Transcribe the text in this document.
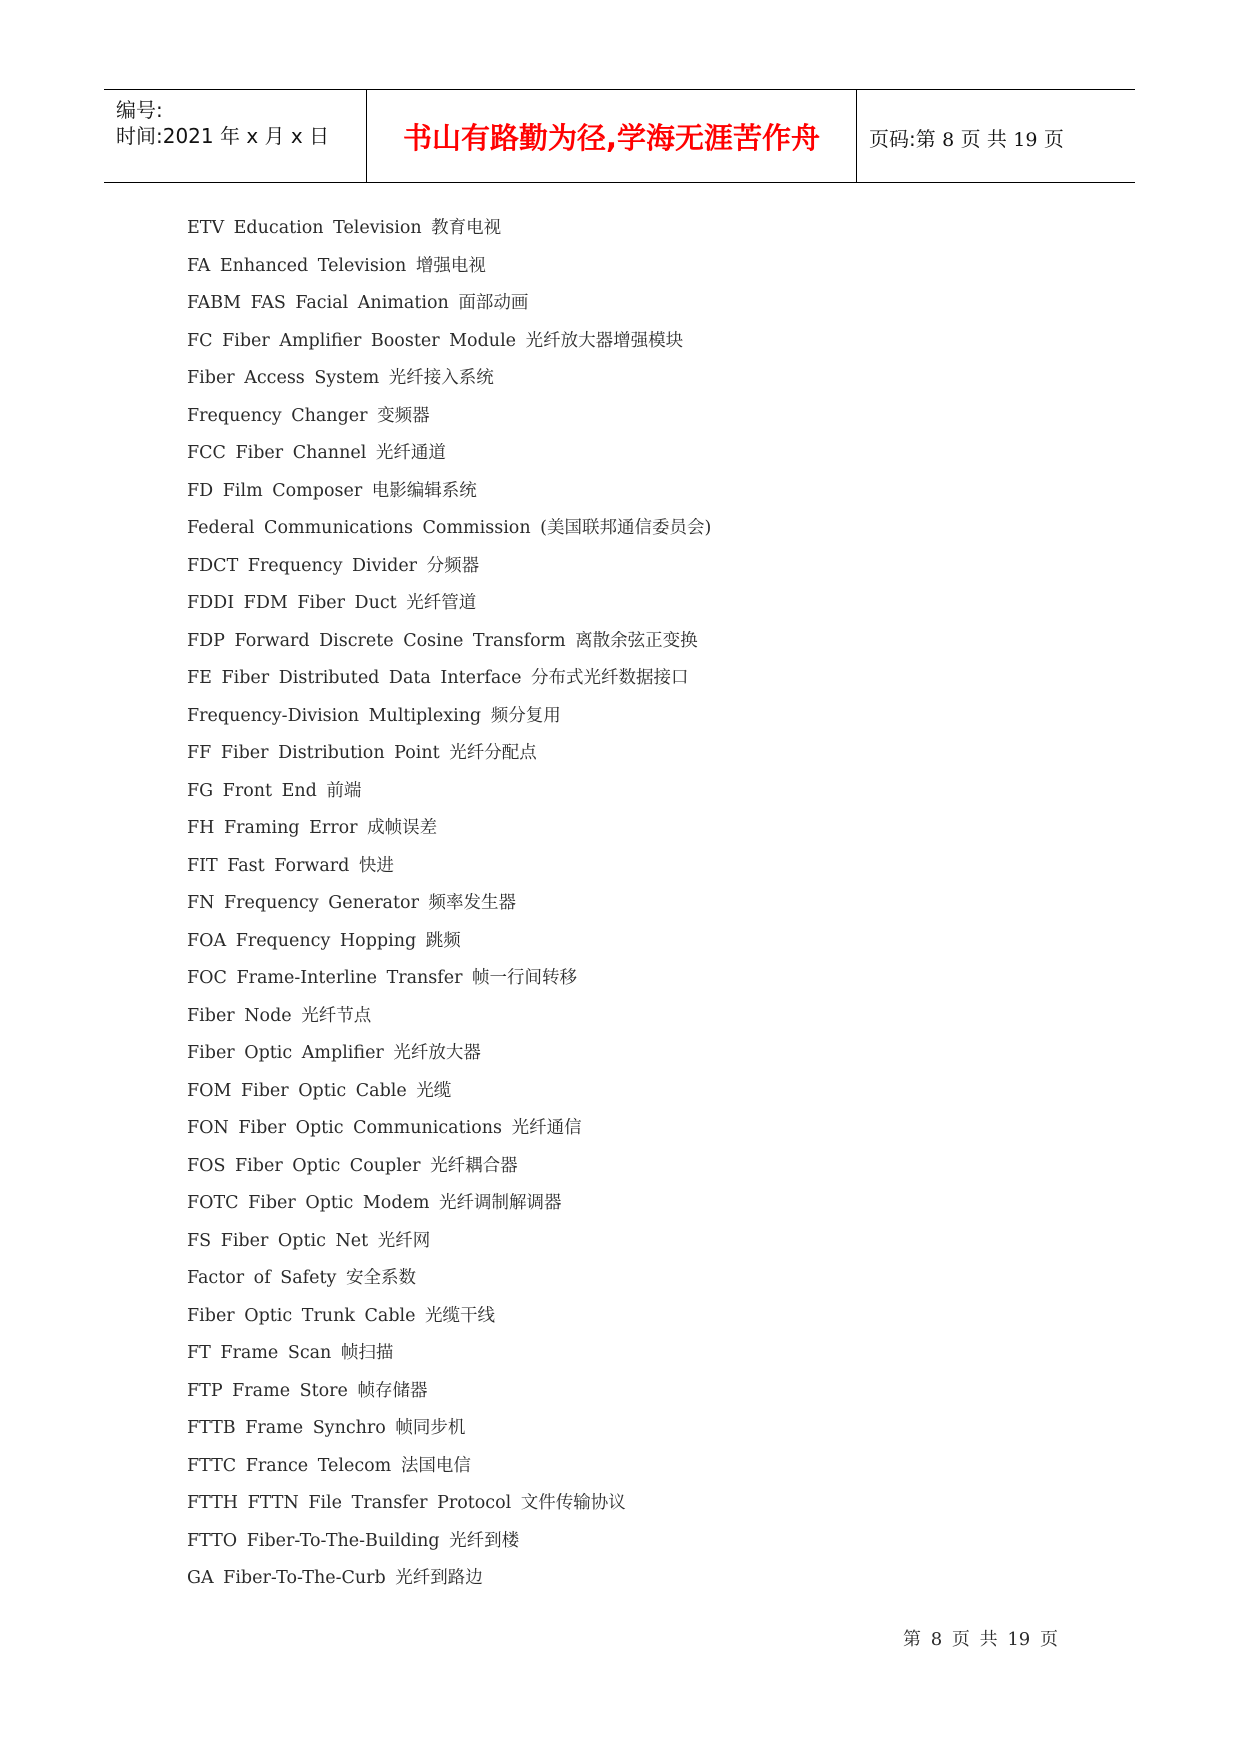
编号:
时间:2021 年 x 月 x 日	书山有路勤为径,学海无涯苦作舟	页码:第 8 页 共 19 页
ETV Education Television 教育电视
FA Enhanced Television 增强电视
FABM FAS Facial Animation 面部动画
FC Fiber Amplifier Booster Module 光纤放大器增强模块
Fiber Access System 光纤接入系统
Frequency Changer 变频器
FCC Fiber Channel 光纤通道
FD Film Composer 电影编辑系统
Federal Communications Commission (美国联邦通信委员会)
FDCT Frequency Divider 分频器
FDDI FDM Fiber Duct 光纤管道
FDP Forward Discrete Cosine Transform 离散余弦正变换
FE Fiber Distributed Data Interface 分布式光纤数据接口
Frequency-Division Multiplexing 频分复用
FF Fiber Distribution Point 光纤分配点
FG Front End 前端
FH Framing Error 成帧误差
FIT Fast Forward 快进
FN Frequency Generator 频率发生器
FOA Frequency Hopping 跳频
FOC Frame-Interline Transfer 帧一行间转移
Fiber Node 光纤节点
Fiber Optic Amplifier 光纤放大器
FOM Fiber Optic Cable 光缆
FON Fiber Optic Communications 光纤通信
FOS Fiber Optic Coupler 光纤耦合器
FOTC Fiber Optic Modem 光纤调制解调器
FS Fiber Optic Net 光纤网
Factor of Safety 安全系数
Fiber Optic Trunk Cable 光缆干线
FT Frame Scan 帧扫描
FTP Frame Store 帧存储器
FTTB Frame Synchro 帧同步机
FTTC France Telecom 法国电信
FTTH FTTN File Transfer Protocol 文件传输协议
FTTO Fiber-To-The-Building 光纤到楼
GA Fiber-To-The-Curb 光纤到路边
第 8 页 共 19 页
